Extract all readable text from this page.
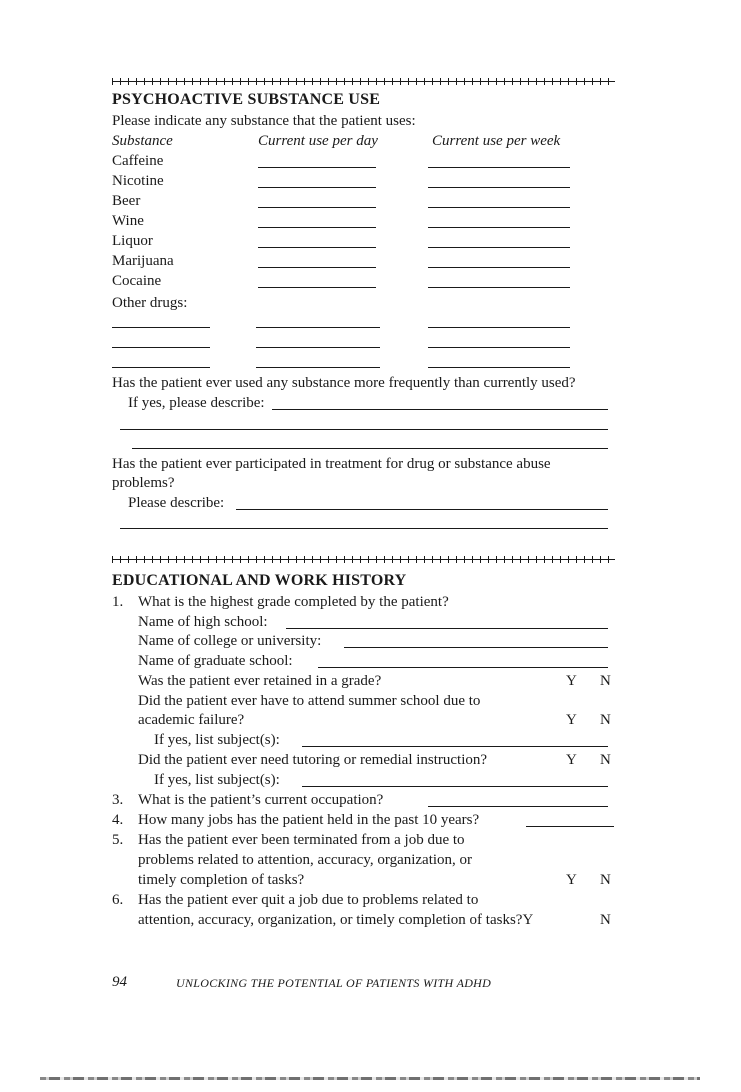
PSYCHOACTIVE SUBSTANCE USE
Please indicate any substance that the patient uses:
Substance	Current use per day	Current use per week
Caffeine
Nicotine
Beer
Wine
Liquor
Marijuana
Cocaine
Other drugs:
Has the patient ever used any substance more frequently than currently used?
If yes, please describe:
Has the patient ever participated in treatment for drug or substance abuse
problems?
Please describe:
EDUCATIONAL AND WORK HISTORY
1. What is the highest grade completed by the patient?
Name of high school:
Name of college or university:
Name of graduate school:
Was the patient ever retained in a grade?	Y N
Did the patient ever have to attend summer school due to
academic failure?	Y N
If yes, list subject(s):
Did the patient ever need tutoring or remedial instruction?	Y N
If yes, list subject(s):
3. What is the patient’s current occupation?
4. How many jobs has the patient held in the past 10 years?
5. Has the patient ever been terminated from a job due to
problems related to attention, accuracy, organization, or
timely completion of tasks?	Y N
6. Has the patient ever quit a job due to problems related to
attention, accuracy, organization, or timely completion of tasks?Y	N
94	UNLOCKING THE POTENTIAL OF PATIENTS WITH ADHD
